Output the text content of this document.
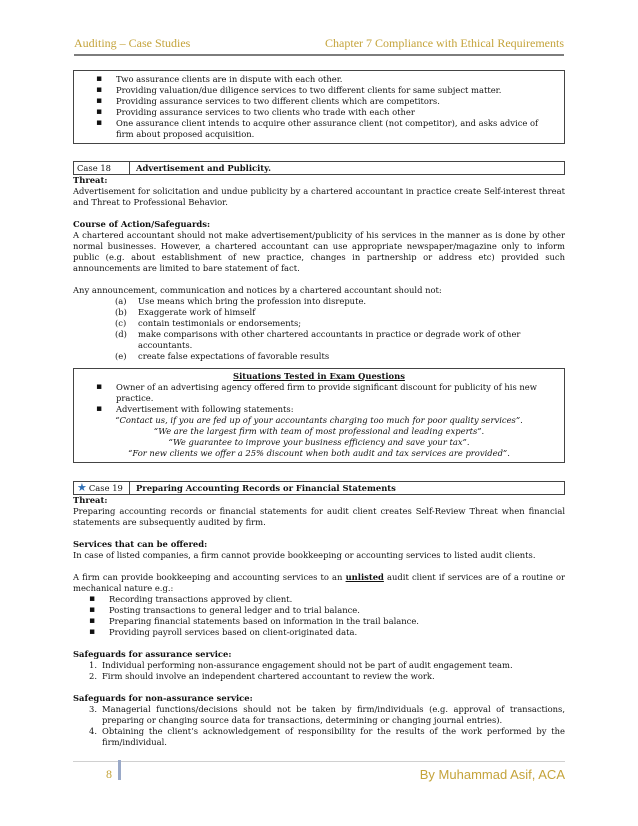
Auditing – Case Studies	Chapter 7 Compliance with Ethical Requirements
▪ Two assurance clients are in dispute with each other.
▪ Providing valuation/due diligence services to two different clients for same subject matter.
▪ Providing assurance services to two different clients which are competitors.
▪ Providing assurance services to two clients who trade with each other
▪ One assurance client intends to acquire other assurance client (not competitor), and asks advice of firm about proposed acquisition.
Case 18	Advertisement and Publicity.

Threat:

Advertisement for solicitation and undue publicity by a chartered accountant in practice create Self-interest threat and Threat to Professional Behavior.

Course of Action/Safeguards:

A chartered accountant should not make advertisement/publicity of his services in the manner as is done by other normal businesses. However, a chartered accountant can use appropriate newspaper/magazine only to inform public (e.g. about establishment of new practice, changes in partnership or address etc) provided such announcements are limited to bare statement of fact.

Any announcement, communication and notices by a chartered accountant should not:

(a) Use means which bring the profession into disrepute.
(b) Exaggerate work of himself
(c) contain testimonials or endorsements;
(d) make comparisons with other chartered accountants in practice or degrade work of other accountants.
(e) create false expectations of favorable results

Situations Tested in Exam Questions

▪ Owner of an advertising agency offered firm to provide significant discount for publicity of his new practice.
▪ Advertisement with following statements:

“Contact us, if you are fed up of your accountants charging too much for poor quality services”.

“We are the largest firm with team of most professional and leading experts”.

“We guarantee to improve your business efficiency and save your tax”.

“For new clients we offer a 25% discount when both audit and tax services are provided”.

★ Case 19	Preparing Accounting Records or Financial Statements

Threat:

Preparing accounting records or financial statements for audit client creates Self-Review Threat when financial statements are subsequently audited by firm.

Services that can be offered:

In case of listed companies, a firm cannot provide bookkeeping or accounting services to listed audit clients.

A firm can provide bookkeeping and accounting services to an unlisted audit client if services are of a routine or mechanical nature e.g.:

▪ Recording transactions approved by client.
▪ Posting transactions to general ledger and to trial balance.
▪ Preparing financial statements based on information in the trail balance.
▪ Providing payroll services based on client-originated data.

Safeguards for assurance service:

1. Individual performing non-assurance engagement should not be part of audit engagement team.
2. Firm should involve an independent chartered accountant to review the work.

Safeguards for non-assurance service:

3. Managerial functions/decisions should not be taken by firm/individuals (e.g. approval of transactions, preparing or changing source data for transactions, determining or changing journal entries).
4. Obtaining the client’s acknowledgement of responsibility for the results of the work performed by the firm/individual.
8	By Muhammad Asif, ACA
